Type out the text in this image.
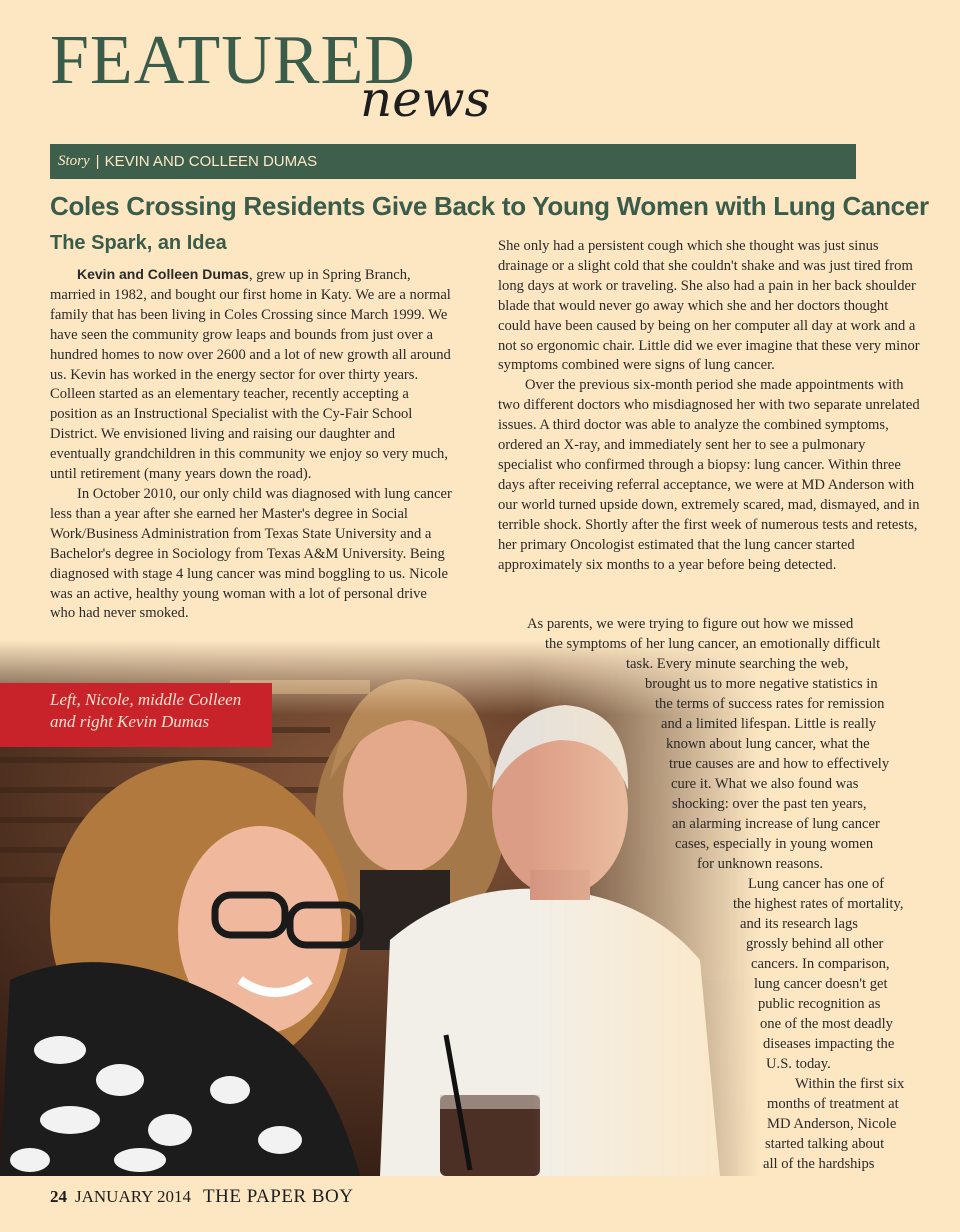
FEATURED
news
Story | KEVIN AND COLLEEN DUMAS
Coles Crossing Residents Give Back to Young Women with Lung Cancer
The Spark, an Idea

Kevin and Colleen Dumas, grew up in Spring Branch, married in 1982, and bought our first home in Katy. We are a normal family that has been living in Coles Crossing since March 1999. We have seen the community grow leaps and bounds from just over a hundred homes to now over 2600 and a lot of new growth all around us. Kevin has worked in the energy sector for over thirty years. Colleen started as an elementary teacher, recently accepting a position as an Instructional Specialist with the Cy-Fair School District. We envisioned living and raising our daughter and eventually grandchildren in this community we enjoy so very much, until retirement (many years down the road).

In October 2010, our only child was diagnosed with lung cancer less than a year after she earned her Master's degree in Social Work/Business Administration from Texas State University and a Bachelor's degree in Sociology from Texas A&M University. Being diagnosed with stage 4 lung cancer was mind boggling to us. Nicole was an active, healthy young woman with a lot of personal drive who had never smoked.

She only had a persistent cough which she thought was just sinus drainage or a slight cold that she couldn't shake and was just tired from long days at work or traveling. She also had a pain in her back shoulder blade that would never go away which she and her doctors thought could have been caused by being on her computer all day at work and a not so ergonomic chair. Little did we ever imagine that these very minor symptoms combined were signs of lung cancer.

Over the previous six-month period she made appointments with two different doctors who misdiagnosed her with two separate unrelated issues. A third doctor was able to analyze the combined symptoms, ordered an X-ray, and immediately sent her to see a pulmonary specialist who confirmed through a biopsy: lung cancer. Within three days after receiving referral acceptance, we were at MD Anderson with our world turned upside down, extremely scared, mad, dismayed, and in terrible shock. Shortly after the first week of numerous tests and retests, her primary Oncologist estimated that the lung cancer started approximately six months to a year before being detected.

Left, Nicole, middle Colleen
and right Kevin Dumas
As parents, we were trying to figure out how we missed
the symptoms of her lung cancer, an emotionally difficult
task. Every minute searching the web,
brought us to more negative statistics in
the terms of success rates for remission
and a limited lifespan. Little is really
known about lung cancer, what the
true causes are and how to effectively
cure it. What we also found was
shocking: over the past ten years,
an alarming increase of lung cancer
cases, especially in young women
for unknown reasons.
Lung cancer has one of
the highest rates of mortality,
and its research lags
grossly behind all other
cancers. In comparison,
lung cancer doesn't get
public recognition as
one of the most deadly
diseases impacting the
U.S. today.
Within the first six
months of treatment at
MD Anderson, Nicole
started talking about
all of the hardships
24 JANUARY 2014 THE PAPER BOY
